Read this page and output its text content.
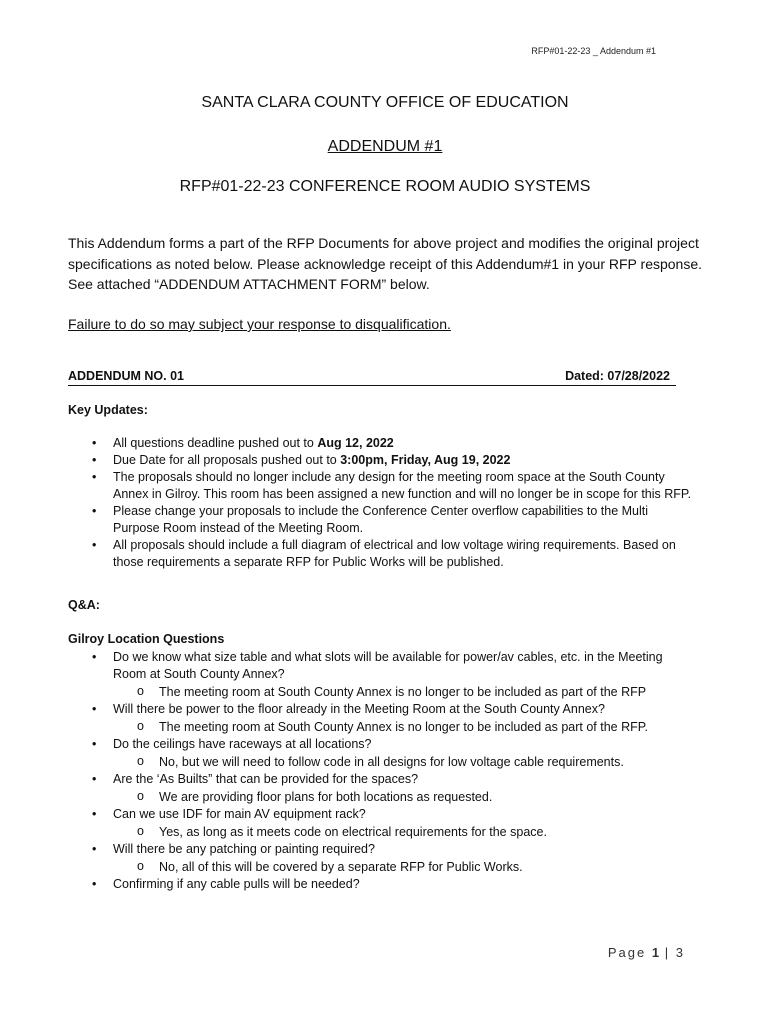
RFP#01-22-23 _ Addendum #1
SANTA CLARA COUNTY OFFICE OF EDUCATION
ADDENDUM #1
RFP#01-22-23 CONFERENCE ROOM AUDIO SYSTEMS
This Addendum forms a part of the RFP Documents for above project and modifies the original project specifications as noted below. Please acknowledge receipt of this Addendum#1 in your RFP response. See attached “ADDENDUM ATTACHMENT FORM” below.
Failure to do so may subject your response to disqualification.
ADDENDUM NO. 01	Dated: 07/28/2022
Key Updates:
• All questions deadline pushed out to Aug 12, 2022
• Due Date for all proposals pushed out to 3:00pm, Friday, Aug 19, 2022
• The proposals should no longer include any design for the meeting room space at the South County Annex in Gilroy. This room has been assigned a new function and will no longer be in scope for this RFP.
• Please change your proposals to include the Conference Center overflow capabilities to the Multi Purpose Room instead of the Meeting Room.
• All proposals should include a full diagram of electrical and low voltage wiring requirements. Based on those requirements a separate RFP for Public Works will be published.
Q&A:
Gilroy Location Questions
• Do we know what size table and what slots will be available for power/av cables, etc. in the Meeting Room at South County Annex?
o The meeting room at South County Annex is no longer to be included as part of the RFP
• Will there be power to the floor already in the Meeting Room at the South County Annex?
o The meeting room at South County Annex is no longer to be included as part of the RFP.
• Do the ceilings have raceways at all locations?
o No, but we will need to follow code in all designs for low voltage cable requirements.
• Are the ‘As Builts” that can be provided for the spaces?
o We are providing floor plans for both locations as requested.
• Can we use IDF for main AV equipment rack?
o Yes, as long as it meets code on electrical requirements for the space.
• Will there be any patching or painting required?
o No, all of this will be covered by a separate RFP for Public Works.
• Confirming if any cable pulls will be needed?
Page 1 | 3
